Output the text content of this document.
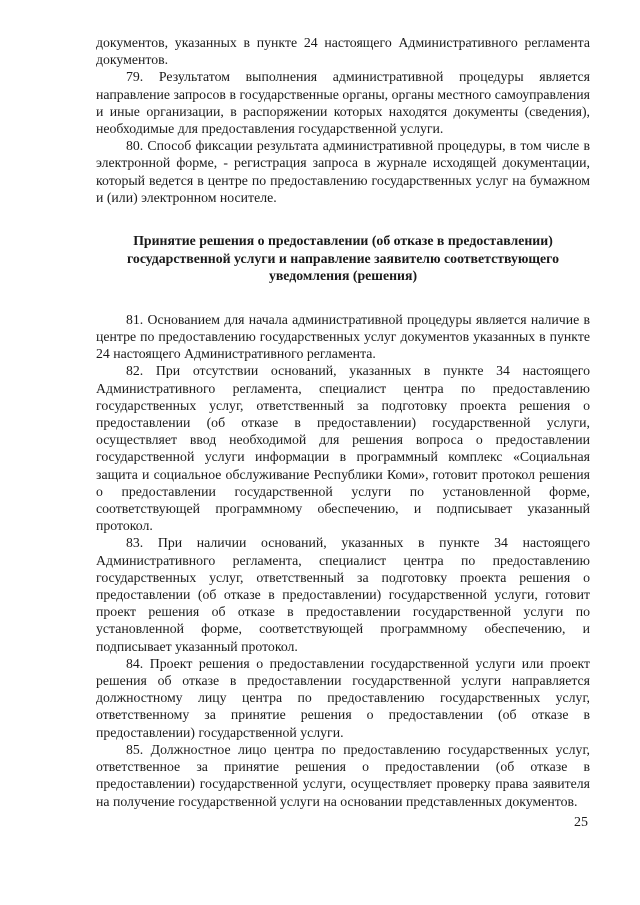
документов, указанных в пункте 24 настоящего Административного регламента документов.

79. Результатом выполнения административной процедуры является направление запросов в государственные органы, органы местного самоуправления и иные организации, в распоряжении которых находятся документы (сведения), необходимые для предоставления государственной услуги.

80. Способ фиксации результата административной процедуры, в том числе в электронной форме, - регистрация запроса в журнале исходящей документации, который ведется в центре по предоставлению государственных услуг на бумажном и (или) электронном носителе.

Принятие решения о предоставлении (об отказе в предоставлении) государственной услуги и направление заявителю соответствующего уведомления (решения)

81. Основанием для начала административной процедуры является наличие в центре по предоставлению государственных услуг документов указанных в пункте 24 настоящего Административного регламента.

82. При отсутствии оснований, указанных в пункте 34 настоящего Административного регламента, специалист центра по предоставлению государственных услуг, ответственный за подготовку проекта решения о предоставлении (об отказе в предоставлении) государственной услуги, осуществляет ввод необходимой для решения вопроса о предоставлении государственной услуги информации в программный комплекс «Социальная защита и социальное обслуживание Республики Коми», готовит протокол решения о предоставлении государственной услуги по установленной форме, соответствующей программному обеспечению, и подписывает указанный протокол.

83. При наличии оснований, указанных в пункте 34 настоящего Административного регламента, специалист центра по предоставлению государственных услуг, ответственный за подготовку проекта решения о предоставлении (об отказе в предоставлении) государственной услуги, готовит проект решения об отказе в предоставлении государственной услуги по установленной форме, соответствующей программному обеспечению, и подписывает указанный протокол.

84. Проект решения о предоставлении государственной услуги или проект решения об отказе в предоставлении государственной услуги направляется должностному лицу центра по предоставлению государственных услуг, ответственному за принятие решения о предоставлении (об отказе в предоставлении) государственной услуги.

85. Должностное лицо центра по предоставлению государственных услуг, ответственное за принятие решения о предоставлении (об отказе в предоставлении) государственной услуги, осуществляет проверку права заявителя на получение государственной услуги на основании представленных документов.

25
